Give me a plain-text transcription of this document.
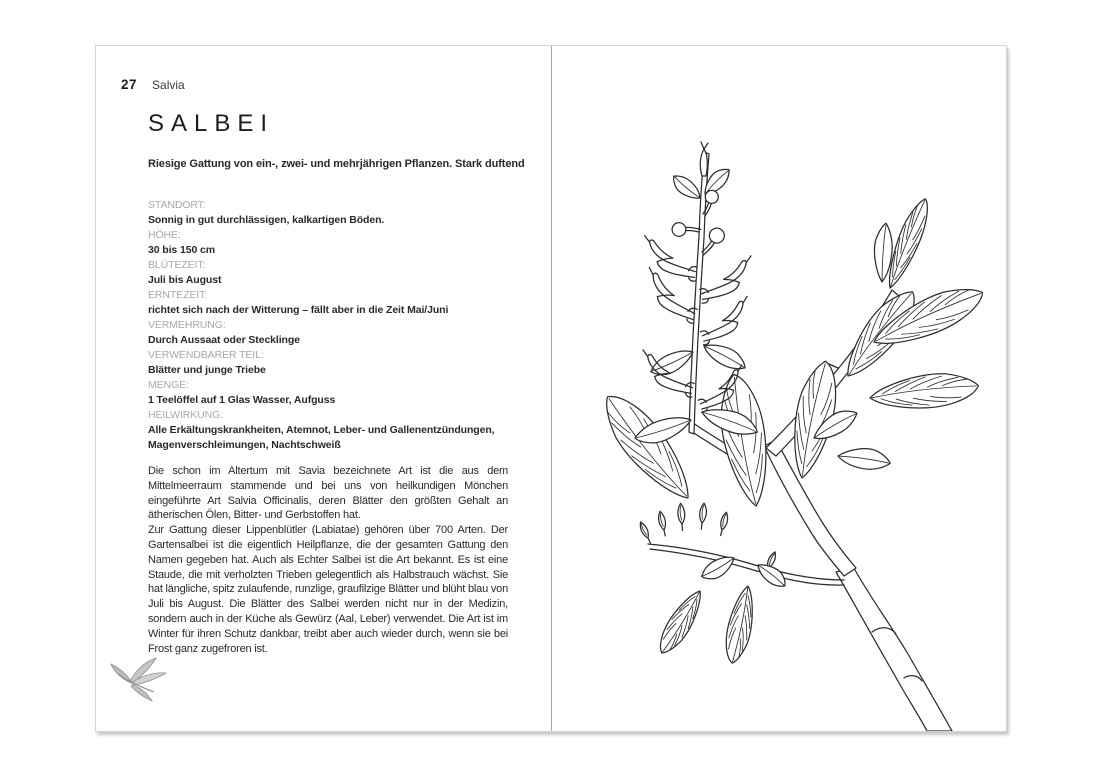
27 Salvia
SALBEI
Riesige Gattung von ein-, zwei- und mehrjährigen Pflanzen. Stark duftend
STANDORT:
Sonnig in gut durchlässigen, kalkartigen Böden.
HÖHE:
30 bis 150 cm
BLÜTEZEIT:
Juli bis August
ERNTEZEIT:
richtet sich nach der Witterung – fällt aber in die Zeit Mai/Juni
VERMEHRUNG:
Durch Aussaat oder Stecklinge
VERWENDBARER TEIL:
Blätter und junge Triebe
MENGE:
1 Teelöffel auf 1 Glas Wasser, Aufguss
HEILWIRKUNG:
Alle Erkältungskrankheiten, Atemnot, Leber- und Gallenentzündungen, Magenverschleimungen, Nachtschweiß

Die schon im Altertum mit Savia bezeichnete Art ist die aus dem Mittelmeerraum stammende und bei uns von heilkundigen Mönchen eingeführte Art Salvia Officinalis, deren Blätter den größten Gehalt an ätherischen Ölen, Bitter- und Gerbstoffen hat.

Zur Gattung dieser Lippenblütler (Labiatae) gehören über 700 Arten. Der Gartensalbei ist die eigentlich Heilpflanze, die der gesamten Gattung den Namen gegeben hat. Auch als Echter Salbei ist die Art bekannt. Es ist eine Staude, die mit verholzten Trieben gelegentlich als Halbstrauch wächst. Sie hat längliche, spitz zulaufende, runzlige, graufilzige Blätter und blüht blau von Juli bis August. Die Blätter des Salbei werden nicht nur in der Medizin, sondern auch in der Küche als Gewürz (Aal, Leber) verwendet. Die Art ist im Winter für ihren Schutz dankbar, treibt aber auch wieder durch, wenn sie bei Frost ganz zugefroren ist.
